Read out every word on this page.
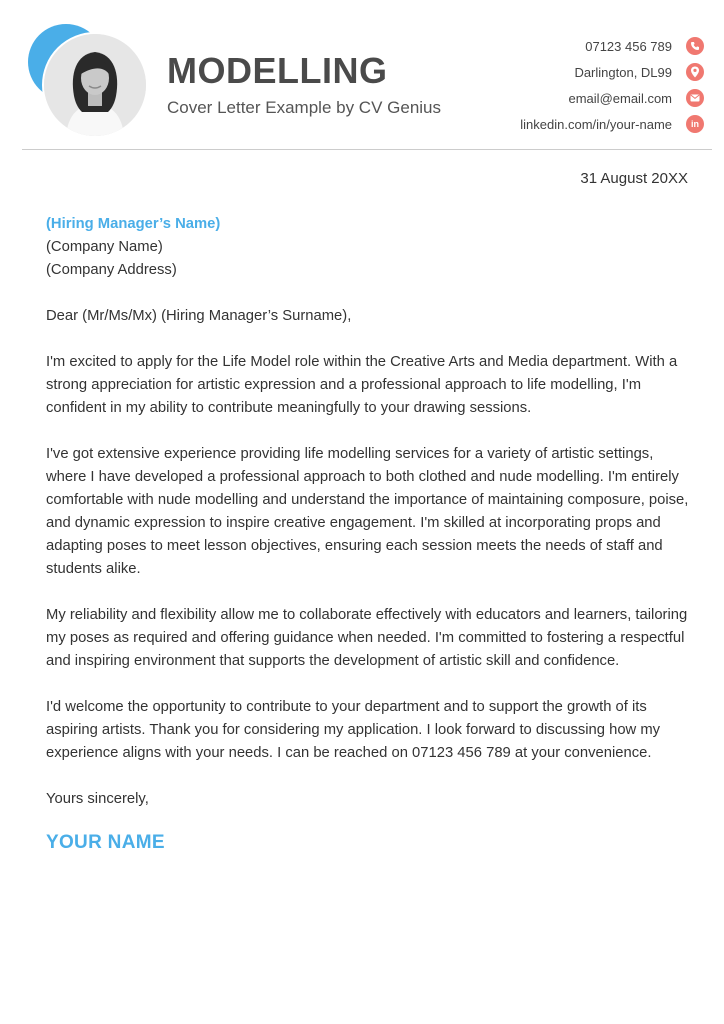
MODELLING

Cover Letter Example by CV Genius

07123 456 789
Darlington, DL99
email@email.com
linkedin.com/in/your-name	in
31 August 20XX

(Hiring Manager’s Name)

(Company Name)

(Company Address)

Dear (Mr/Ms/Mx) (Hiring Manager’s Surname),

I'm excited to apply for the Life Model role within the Creative Arts and Media department. With a strong appreciation for artistic expression and a professional approach to life modelling, I'm confident in my ability to contribute meaningfully to your drawing sessions.

I've got extensive experience providing life modelling services for a variety of artistic settings, where I have developed a professional approach to both clothed and nude modelling. I'm entirely comfortable with nude modelling and understand the importance of maintaining composure, poise, and dynamic expression to inspire creative engagement. I'm skilled at incorporating props and adapting poses to meet lesson objectives, ensuring each session meets the needs of staff and students alike.

My reliability and flexibility allow me to collaborate effectively with educators and learners, tailoring my poses as required and offering guidance when needed. I'm committed to fostering a respectful and inspiring environment that supports the development of artistic skill and confidence.

I'd welcome the opportunity to contribute to your department and to support the growth of its aspiring artists. Thank you for considering my application. I look forward to discussing how my experience aligns with your needs. I can be reached on 07123 456 789 at your convenience.

Yours sincerely,

YOUR NAME
